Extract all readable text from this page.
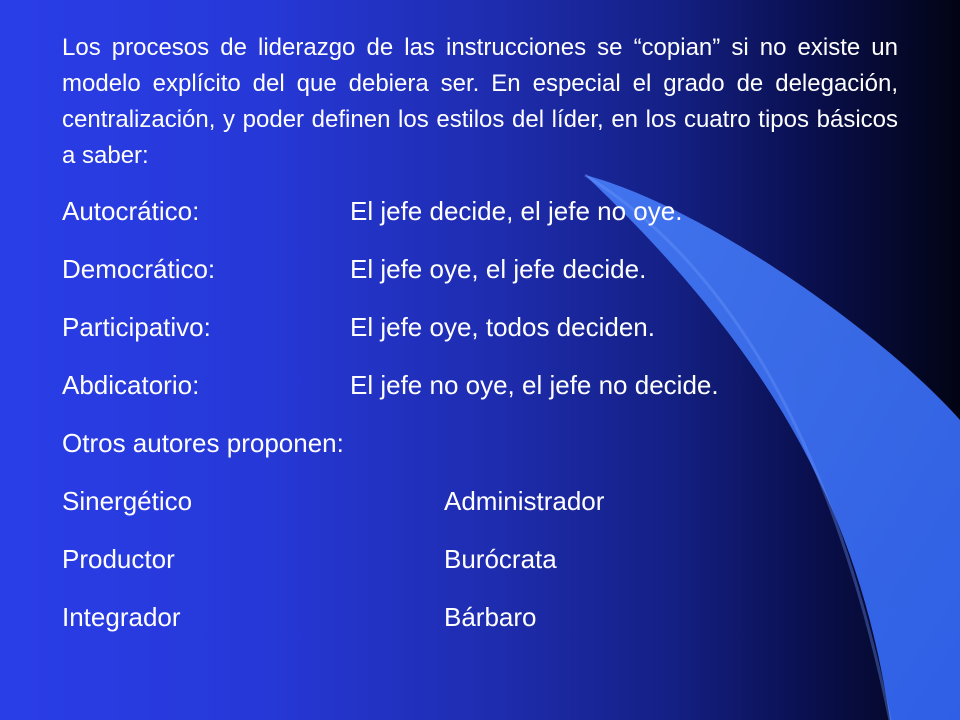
Los procesos de liderazgo de las instrucciones se “copian” si no existe un modelo explícito del que debiera ser. En especial el grado de delegación, centralización, y poder definen los estilos del líder, en los cuatro tipos básicos a saber:

Autocrático:	El jefe decide, el jefe no oye.
Democrático:	El jefe oye, el jefe decide.
Participativo:	El jefe oye, todos deciden.
Abdicatorio:	El jefe no oye, el jefe no decide.
Otros autores proponen:
Sinergético	Administrador
Productor	Burócrata
Integrador	Bárbaro
